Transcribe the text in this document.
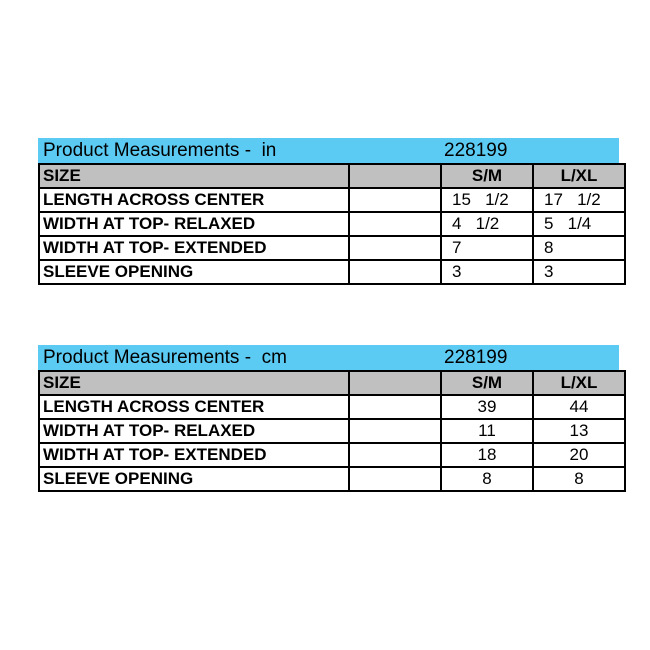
Product Measurements -  in	228199
SIZE		S/M	L/XL
LENGTH ACROSS CENTER		15   1/2	17   1/2
WIDTH AT TOP- RELAXED		4   1/2	5   1/4
WIDTH AT TOP- EXTENDED		7	8
SLEEVE OPENING		3	3
Product Measurements -  cm	228199
SIZE		S/M	L/XL
LENGTH ACROSS CENTER		39	44
WIDTH AT TOP- RELAXED		11	13
WIDTH AT TOP- EXTENDED		18	20
SLEEVE OPENING		8	8
